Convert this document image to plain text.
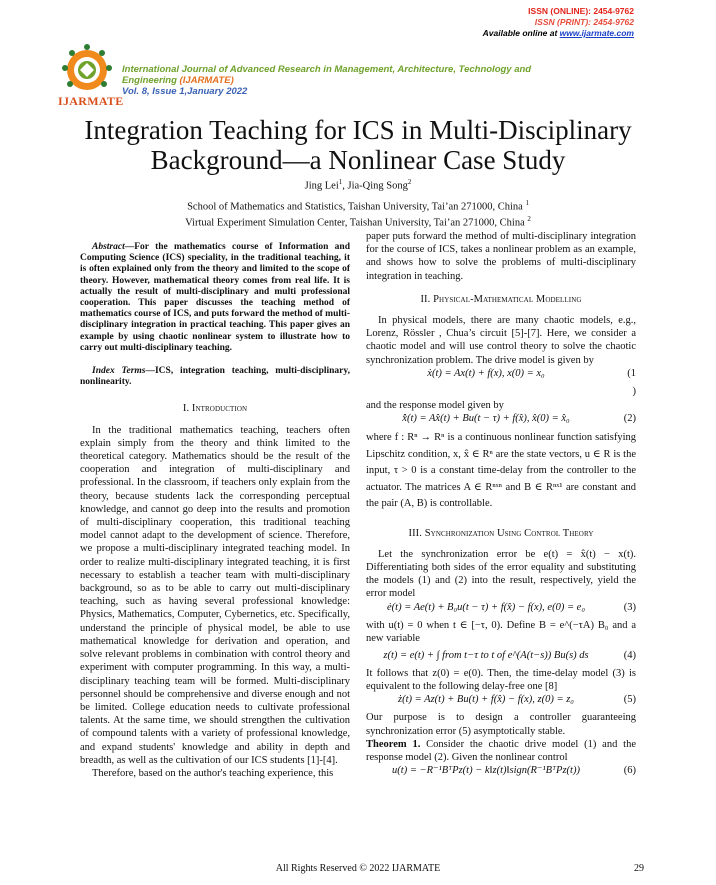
ISSN (ONLINE): 2454-9762
ISSN (PRINT): 2454-9762
Available online at www.ijarmate.com
IJARMATE
International Journal of Advanced Research in Management, Architecture, Technology and
Engineering (IJARMATE)
Vol. 8, Issue 1,January 2022
Integration Teaching for ICS in Multi-Disciplinary
Background—a Nonlinear Case Study
Jing Lei$^1$, Jia-Qing Song$^2$
School of Mathematics and Statistics, Taishan University, Tai’an 271000, China $^1$
Virtual Experiment Simulation Center, Taishan University, Tai’an 271000, China $^2$

Abstract—For the mathematics course of Information and Computing Science (ICS) speciality, in the traditional teaching, it is often explained only from the theory and limited to the scope of theory. However, mathematical theory comes from real life. It is actually the result of multi-disciplinary and multi professional cooperation. This paper discusses the teaching method of mathematics course of ICS, and puts forward the method of multi-disciplinary integration in practical teaching. This paper gives an example by using chaotic nonlinear system to illustrate how to carry out multi-disciplinary teaching.

Index Terms—ICS, integration teaching, multi-disciplinary, nonlinearity.

I. Introduction

In the traditional mathematics teaching, teachers often explain simply from the theory and think limited to the theoretical category. Mathematics should be the result of the cooperation and integration of multi-disciplinary and professional. In the classroom, if teachers only explain from the theory, because students lack the corresponding perceptual knowledge, and cannot go deep into the results and promotion of multi-disciplinary cooperation, this traditional teaching model cannot adapt to the development of science. Therefore, we propose a multi-disciplinary integrated teaching model. In order to realize multi-disciplinary integrated teaching, it is first necessary to establish a teacher team with multi-disciplinary background, so as to be able to carry out multi-disciplinary teaching, such as having several professional knowledge: Physics, Mathematics, Computer, Cybernetics, etc. Specifically, understand the principle of physical model, be able to use mathematical knowledge for derivation and operation, and solve relevant problems in combination with control theory and experiment with computer programming. In this way, a multi-disciplinary teaching team will be formed. Multi-disciplinary personnel should be comprehensive and diverse enough and not be limited. College education needs to cultivate professional talents. At the same time, we should strengthen the cultivation of compound talents with a variety of professional knowledge, and expand students' knowledge and ability in depth and breadth, as well as the cultivation of our ICS students [1]-[4].

Therefore, based on the author's teaching experience, this

paper puts forward the method of multi-disciplinary integration for the course of ICS, takes a nonlinear problem as an example, and shows how to solve the problems of multi-disciplinary integration in teaching.

II. Physical-Mathematical Modelling

In physical models, there are many chaotic models, e.g., Lorenz, Rössler , Chua’s circuit [5]-[7]. Here, we consider a chaotic model and will use control theory to solve the chaotic synchronization problem. The drive model is given by

ẋ(t) = Ax(t) + f(x), x(0) = x₀	(1
)

and the response model given by

x̂̇(t) = Ax̂(t) + Bu(t − τ) + f(x̂), x̂(0) = x̂₀	(2)

where f : Rⁿ → Rⁿ is a continuous nonlinear function satisfying Lipschitz condition, x, x̂ ∈ Rⁿ are the state vectors, u ∈ R is the input, τ > 0 is a constant time-delay from the controller to the actuator. The matrices A ∈ Rⁿˣⁿ and B ∈ Rⁿˣ¹ are constant and the pair (A, B) is controllable.

III. Synchronization Using Control Theory

Let the synchronization error be e(t) = x̂(t) − x(t). Differentiating both sides of the error equality and substituting the models (1) and (2) into the result, respectively, yield the error model

ė(t) = Ae(t) + B₀u(t − τ) + f(x̂) − f(x), e(0) = e₀	(3)

with u(t) = 0 when t ∈ [−τ, 0). Define B = e^(−τA) B₀ and a new variable

z(t) = e(t) + ∫ from t−τ to t of e^(A(t−s)) Bu(s) ds	(4)

It follows that z(0) = e(0). Then, the time-delay model (3) is equivalent to the following delay-free one [8]

ż(t) = Az(t) + Bu(t) + f(x̂) − f(x), z(0) = z₀	(5)

Our purpose is to design a controller guaranteeing synchronization error (5) asymptotically stable.

Theorem 1. Consider the chaotic drive model (1) and the response model (2). Given the nonlinear control

u(t) = −R⁻¹BᵀPz(t) − k‖z(t)‖sign(R⁻¹BᵀPz(t))	(6)
All Rights Reserved © 2022 IJARMATE	29
